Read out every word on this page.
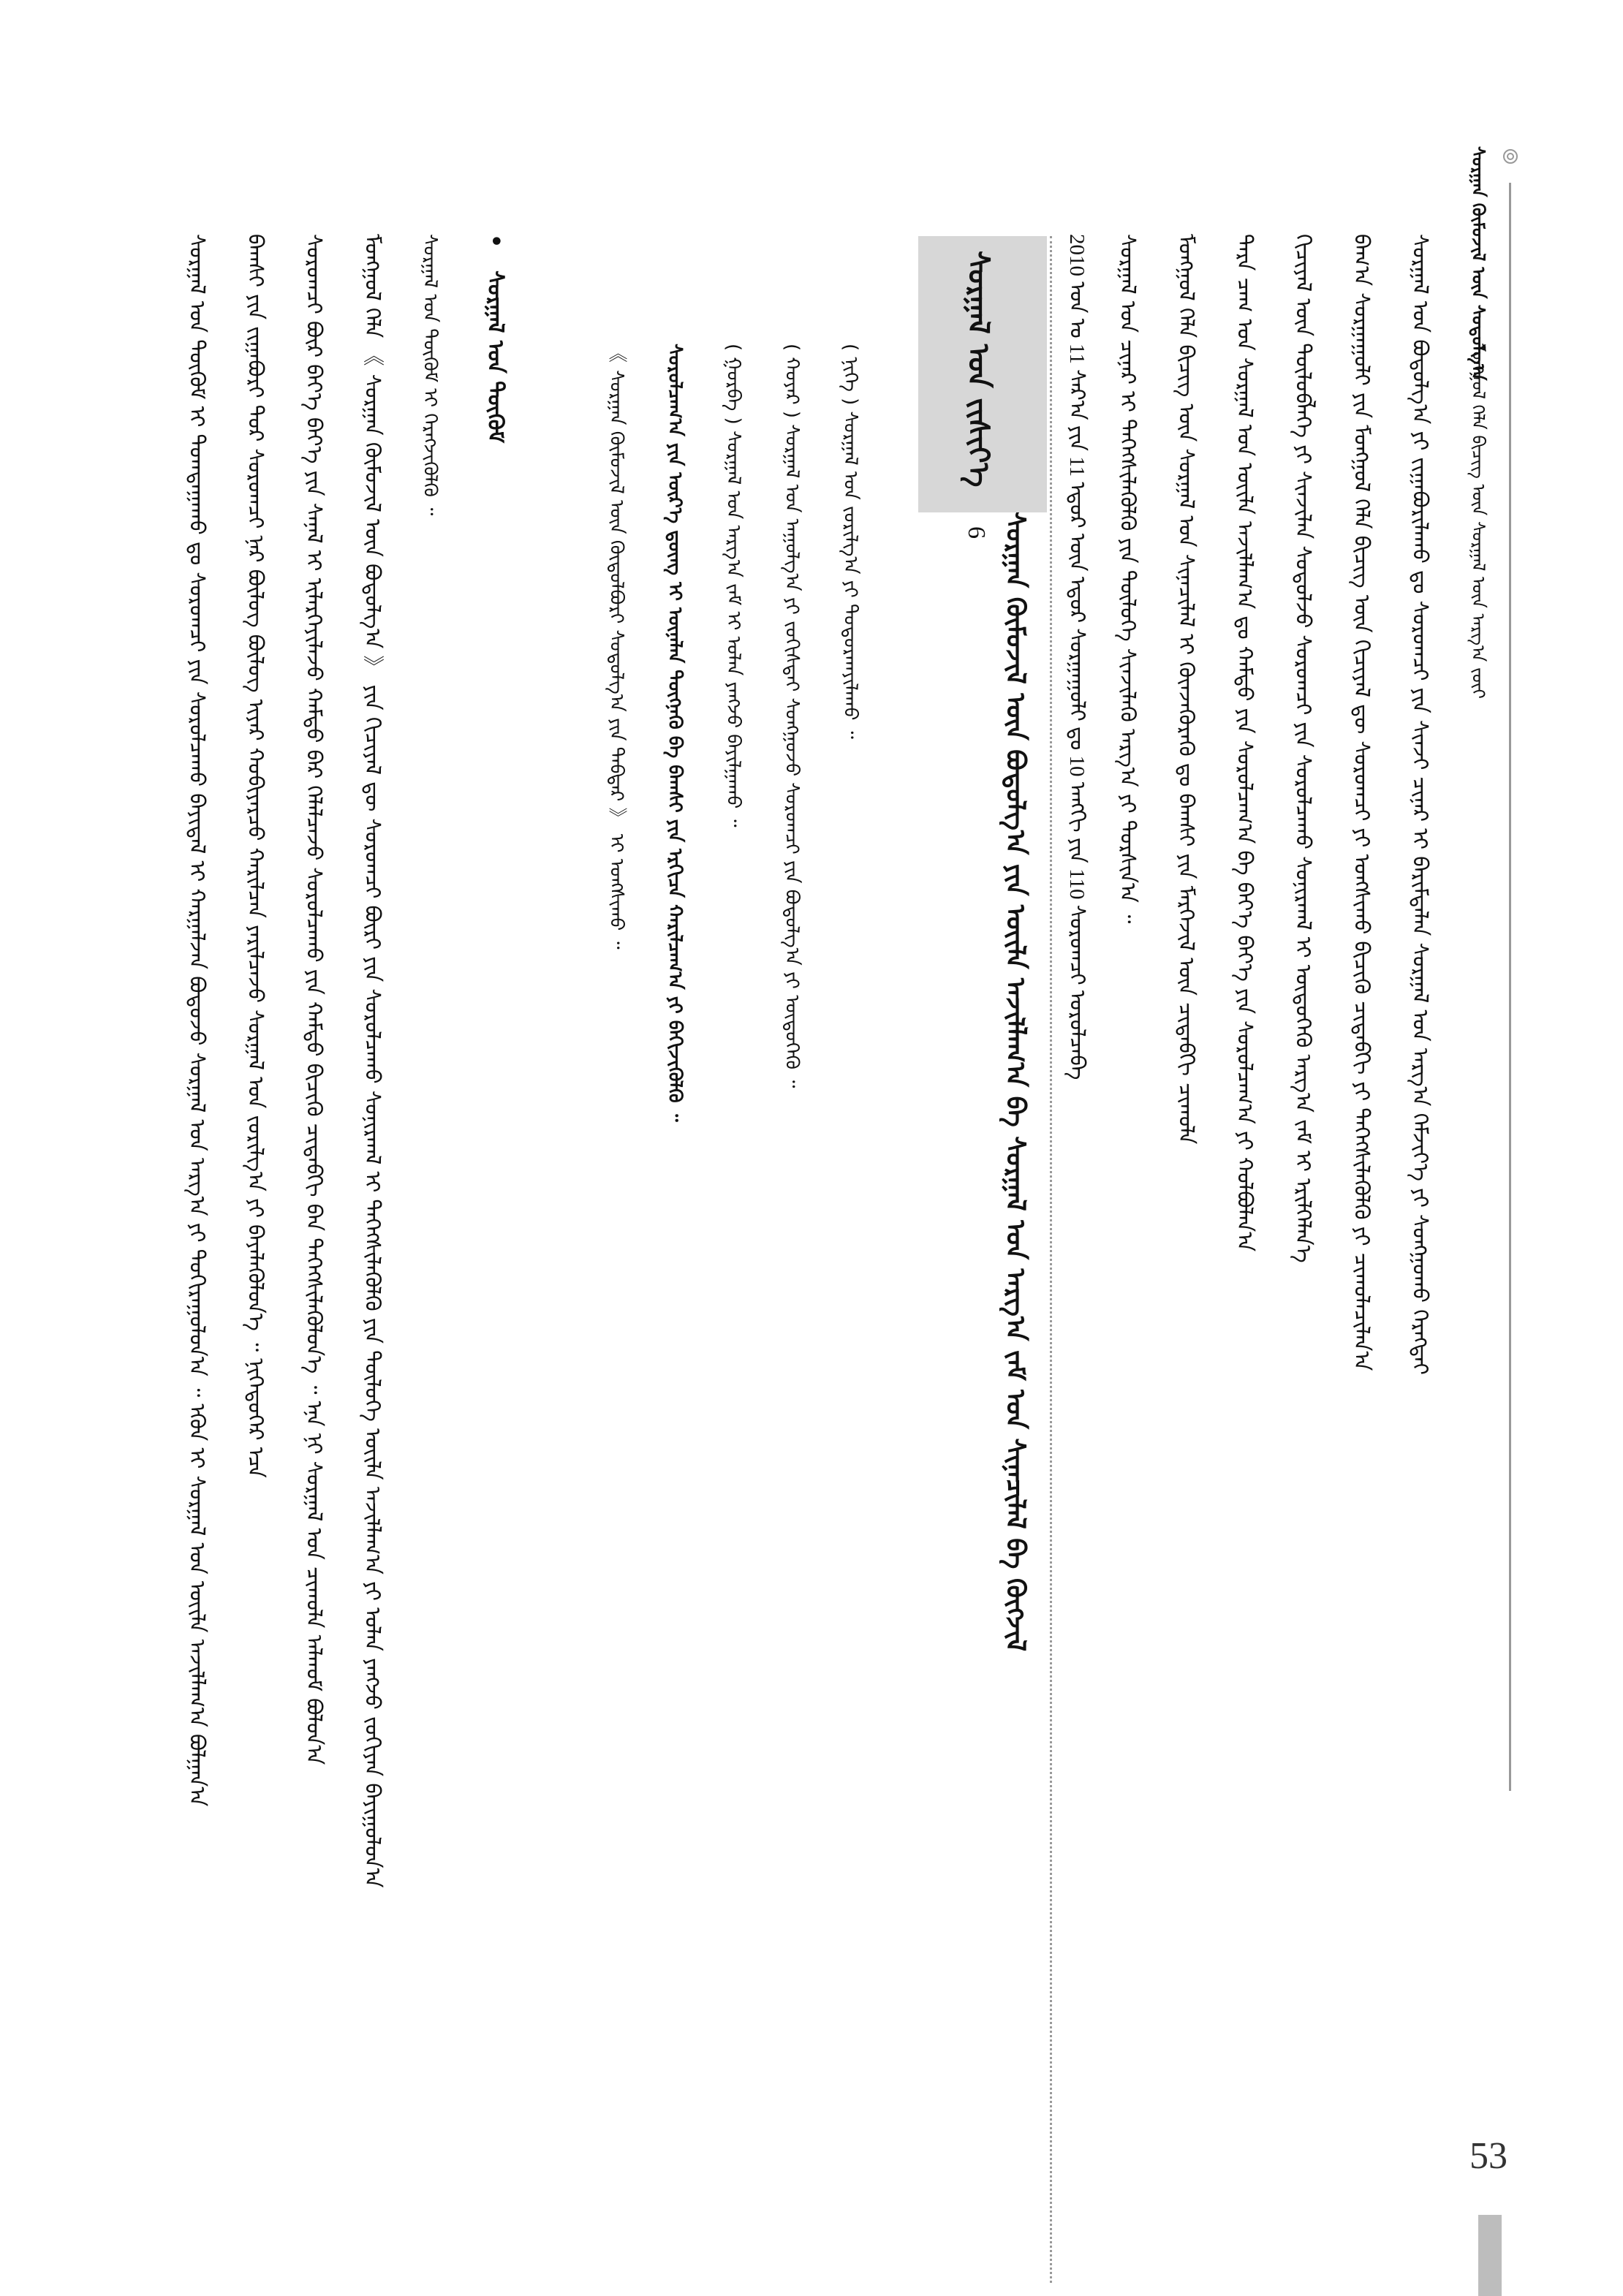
ᠮᠣᠩᠭᠣᠯ ᠬᠡᠯᠡ ᠪᠢᠴᠢᠭ ᠦᠨ ᠰᠤᠷᠭᠠᠯ ᠦᠨ ᠠᠷᠭ᠎ᠠ ᠵᠦᠢ
ᠰᠤᠷᠭᠠᠨ ᠬᠦᠮᠦᠵᠢᠯ ᠦᠨ ᠰᠤᠳᠤᠯᠭ᠎ᠠ
ᠰᠤᠷᠭᠠᠯ ᠤᠨ ᠪᠣᠳᠤᠯᠭ᠎ᠠ ᠶᠢ ᠵᠢᠭᠠᠪᠤᠷᠢᠯᠠᠬᠤ ᠳᠤ ᠰᠤᠷᠤᠭᠴᠢ ᠶᠢᠨ ᠰᠢᠨᠵᠢ ᠴᠢᠨᠠᠷ ᠢ ᠪᠠᠷᠢᠮᠲᠠᠯᠠᠨ ᠰᠤᠷᠭᠠᠯ ᠤᠨ ᠠᠷᠭ᠎ᠠ ᠬᠡᠮᠵᠢᠶ᠎ᠡ ᠶᠢ ᠰᠣᠩᠭᠣᠬᠤ ᠬᠡᠷᠡᠭᠲᠡᠢ
ᠪᠠᠭ᠎ᠠ ᠰᠤᠷᠭᠠᠭᠤᠯᠢ ᠶᠢᠨ ᠮᠣᠩᠭᠣᠯ ᠬᠡᠯᠡ ᠪᠢᠴᠢᠭ ᠦᠨ ᠬᠢᠴᠢᠶᠡᠯ ᠳᠦ ᠰᠤᠷᠤᠭᠴᠢ ᠶᠢ ᠤᠩᠰᠢᠬᠤ ᠪᠢᠴᠢᠬᠦ ᠴᠢᠳᠠᠪᠬᠢ ᠶᠢ ᠳᠡᠭᠡᠭᠰᠢᠯᠡᠭᠦᠯᠬᠦ ᠶᠢ ᠴᠢᠬᠤᠯᠠᠴᠢᠯᠠᠨ᠎ᠠ
ᠬᠢᠴᠢᠶᠡᠯ ᠦᠨ ᠲᠥᠯᠦᠪᠯᠡᠭᠡ ᠶᠢ ᠰᠢᠨᠵᠢᠯᠡᠨ ᠰᠤᠳᠤᠯᠵᠤ ᠰᠤᠷᠤᠭᠴᠢ ᠶᠢᠨ ᠰᠤᠷᠤᠯᠴᠠᠬᠤ ᠰᠣᠨᠢᠷᠬᠠᠯ ᠢ ᠥᠳᠦᠭᠡᠬᠦ ᠠᠷᠭ᠎ᠠ ᠵᠠᠮ ᠢ ᠡᠷᠢᠯᠬᠡᠯᠡᠨ᠎ᠡ
ᠲᠡᠷᠡ ᠴᠠᠭ ᠤᠨ ᠰᠤᠷᠭᠠᠯ ᠤᠨ ᠦᠢᠯᠡ ᠠᠵᠢᠯᠯᠠᠭ᠎ᠠ ᠳᠤ ᠬᠠᠮᠲᠤ ᠶᠢᠨ ᠰᠤᠷᠤᠯᠴᠠᠭ᠎ᠠ ᠪᠠ ᠪᠡᠶ᠎ᠡ ᠪᠡᠶ᠎ᠡ ᠶᠢᠨ ᠰᠤᠷᠤᠯᠴᠠᠭ᠎ᠠ ᠶᠢ ᠬᠣᠯᠪᠣᠯᠠᠨ᠎ᠠ
ᠮᠣᠩᠭᠣᠯ ᠬᠡᠯᠡ ᠪᠢᠴᠢᠭ ᠦᠨ ᠰᠤᠷᠭᠠᠯ ᠤᠨ ᠰᠢᠨᠡᠴᠢᠯᠡᠯ ᠢ ᠭᠦᠨᠵᠡᠭᠦᠷᠡᠬᠦ ᠳᠤ ᠪᠠᠭᠰᠢ ᠶᠢᠨ ᠮᠡᠷᠭᠡᠵᠢᠯ ᠦᠨ ᠴᠢᠳᠠᠪᠬᠢ ᠴᠢᠬᠤᠯᠠ
ᠰᠤᠷᠭᠠᠯ ᠤᠨ ᠴᠢᠨᠠᠷ ᠢ ᠳᠡᠭᠡᠭᠰᠢᠯᠡᠭᠦᠯᠬᠦ ᠶᠢᠨ ᠲᠥᠯᠦᠭᠡ ᠰᠢᠨᠵᠢᠯᠡᠬᠦ ᠠᠷᠭ᠎ᠠ ᠶᠢ ᠲᠤᠷᠰᠢᠨ᠎ᠠ ᠃
2010 ᠣᠨ ᠤ 11 ᠰᠠᠷ᠎ᠠ ᠶᠢᠨ 11 ᠡᠳᠦᠷ ᠦᠨ ᠡᠳᠦᠷ ᠰᠤᠷᠭᠠᠭᠤᠯᠢ ᠳᠤ 10 ᠠᠩᠭᠢ ᠶᠢᠨ 110 ᠰᠤᠷᠤᠭᠴᠢ ᠣᠷᠤᠯᠴᠠᠪᠠ
ᠰᠤᠷᠭᠠᠯ ᠤᠨ ᠵᠢᠱᠢᠶ᠎ᠡ
6 ᠰᠤᠷᠭᠠᠨ ᠬᠦᠮᠦᠵᠢᠯ ᠦᠨ ᠪᠣᠳᠤᠯᠭ᠎ᠠ ᠶᠢᠨ ᠦᠢᠯᠡ ᠠᠵᠢᠯᠯᠠᠭ᠎ᠠ ᠪᠠ ᠰᠤᠷᠭᠠᠯ ᠤᠨ ᠠᠷᠭ᠎ᠠ ᠵᠠᠮ ᠤᠨ ᠰᠢᠨᠡᠴᠢᠯᠡᠯ ᠪᠠ ᠬᠥᠭᠵᠢᠯ
( ᠨᠢᠭᠡ ) ᠰᠤᠷᠭᠠᠯ ᠤᠨ ᠵᠣᠷᠢᠯᠭ᠎ᠠ ᠶᠢ ᠲᠣᠳᠤᠷᠬᠠᠶᠢᠯᠠᠬᠤ ᠃
( ᠬᠣᠶᠠᠷ ) ᠰᠤᠷᠭᠠᠯ ᠤᠨ ᠠᠭᠤᠯᠭ᠎ᠠ ᠶᠢ ᠵᠣᠬᠢᠰᠲᠠᠶ ᠰᠣᠩᠭᠣᠵᠤ ᠰᠤᠷᠤᠭᠴᠢ ᠶᠢᠨ ᠪᠣᠳᠤᠯᠭ᠎ᠠ ᠶᠢ ᠥᠳᠦᠭᠡᠬᠦ ᠃
( ᠭᠤᠷᠪᠠ ) ᠰᠤᠷᠭᠠᠯ ᠤᠨ ᠠᠷᠭ᠎ᠠ ᠵᠠᠮ ᠢ ᠣᠯᠠᠨ ᠶᠠᠩᠵᠤ ᠪᠠᠶᠢᠯᠭᠠᠬᠤ ᠃
ᠰᠤᠷᠤᠯᠴᠠᠭ᠎ᠠ ᠶᠢᠨ ᠦᠷ᠎ᠡ ᠳ᠋ᠦᠩ ᠢ ᠦᠨᠡᠯᠡᠨ ᠳᠦᠭᠨᠡᠬᠦ ᠪᠠ ᠪᠠᠭᠰᠢ ᠶᠢᠨ ᠡᠷᠭᠢᠴᠡ ᠬᠠᠷᠢᠯᠴᠠᠭ᠎ᠠ ᠶᠢ ᠪᠡᠬᠢᠵᠢᠭᠦᠯᠬᠦ ᠃
《 ᠰᠤᠷᠭᠠᠨ ᠬᠦᠮᠦᠵᠢᠯ ᠦᠨ ᠬᠥᠲᠥᠯᠪᠦᠷᠢ ᠰᠤᠳᠤᠯᠭ᠎ᠠ ᠶᠢᠨ ᠳᠡᠪᠲᠡᠷ 》 ᠢ ᠤᠩᠰᠢᠬᠤ ᠃
ᠰᠤᠷᠭᠠᠯ ᠤᠨ ᠳᠥᠬᠥᠮ ᠢ ᠬᠡᠷᠡᠭᠵᠢᠭᠦᠯᠬᠦ ᠃ •
ᠰᠤᠷᠭᠠᠯ ᠤᠨ ᠳᠥᠬᠥᠮ
ᠮᠣᠩᠭᠣᠯ ᠬᠡᠯᠡ 《 ᠰᠤᠷᠭᠠᠨ ᠬᠦᠮᠦᠵᠢᠯ ᠦᠨ ᠪᠣᠳᠤᠯᠭ᠎ᠠ 》 ᠶᠢᠨ ᠬᠢᠴᠢᠶᠡᠯ ᠳᠦ ᠰᠤᠷᠤᠭᠴᠢ ᠪᠦᠷᠢ ᠶᠢᠨ ᠰᠤᠷᠤᠯᠴᠠᠬᠤ ᠰᠣᠨᠢᠷᠬᠠᠯ ᠢ ᠳᠡᠭᠡᠭᠰᠢᠯᠡᠭᠦᠯᠬᠦ ᠶᠢᠨ ᠲᠥᠯᠦᠭᠡ ᠦᠢᠯᠡ ᠠᠵᠢᠯᠯᠠᠭ᠎ᠠ ᠶᠢ ᠣᠯᠠᠨ ᠶᠠᠩᠵᠤ ᠵᠣᠬᠢᠶᠠᠨ ᠪᠠᠶᠢᠭᠤᠯᠤᠨ᠎ᠠ
ᠰᠤᠷᠤᠭᠴᠢ ᠪᠦᠷ ᠪᠡᠶ᠎ᠡ ᠪᠡᠶ᠎ᠡ ᠶᠢᠨ ᠰᠠᠨᠠᠯ ᠢ ᠢᠯᠡᠷᠬᠡᠶᠢᠯᠡᠵᠦ ᠬᠠᠮᠲᠤ ᠪᠠᠷ ᠬᠡᠯᠡᠯᠴᠡᠵᠦ ᠰᠤᠷᠤᠯᠴᠠᠬᠤ ᠶᠢᠨ ᠬᠠᠮᠲᠤ ᠪᠢᠴᠢᠬᠦ ᠴᠢᠳᠠᠪᠬᠢ ᠪᠠᠨ ᠳᠡᠭᠡᠭᠰᠢᠯᠡᠭᠦᠯᠦᠨ᠎ᠡ ᠃ ᠡᠨᠡ ᠨᠢ ᠰᠤᠷᠭᠠᠯ ᠤᠨ ᠴᠢᠬᠤᠯᠠ ᠠᠯᠬᠤᠮ ᠪᠣᠯᠤᠨ᠎ᠠ
ᠪᠠᠭᠰᠢ ᠶᠢᠨ ᠵᠢᠭᠠᠪᠤᠷᠢ ᠳᠤᠷ ᠰᠤᠷᠤᠭᠴᠢ ᠨᠠᠷ ᠪᠦᠯᠦᠭ ᠪᠦᠯᠦᠭ ᠢᠶᠡᠷ ᠬᠤᠪᠢᠶᠠᠷᠴᠤ ᠬᠠᠷᠢᠯᠴᠠᠨ ᠶᠠᠷᠢᠯᠴᠠᠵᠤ ᠰᠤᠷᠭᠠᠯ ᠤᠨ ᠵᠣᠷᠢᠯᠭ᠎ᠠ ᠶᠢ ᠪᠡᠶᠡᠯᠡᠭᠦᠯᠦᠨ᠎ᠡ ᠃ ᠨᠢᠭᠡᠳᠦᠭᠡᠷ ᠡᠴᠡ
ᠰᠤᠷᠭᠠᠯ ᠤᠨ ᠳᠥᠬᠥᠮ ᠢ ᠲᠣᠭᠲᠠᠭᠠᠬᠤ ᠳᠤ ᠰᠤᠷᠤᠭᠴᠢ ᠶᠢᠨ ᠰᠤᠷᠤᠯᠴᠠᠬᠤ ᠪᠠᠶᠢᠳᠠᠯ ᠢ ᠬᠠᠷᠭᠠᠯᠵᠠᠨ ᠪᠣᠳᠤᠵᠤ ᠰᠤᠷᠭᠠᠯ ᠤᠨ ᠠᠷᠭ᠎ᠠ ᠶᠢ ᠲᠣᠬᠢᠷᠠᠭᠤᠯᠤᠨ᠎ᠠ ᠃ ᠡᠭᠦᠨ ᠢ ᠰᠤᠷᠭᠠᠯ ᠤᠨ ᠦᠢᠯᠡ ᠠᠵᠢᠯᠯᠠᠭ᠎ᠠ ᠪᠣᠯᠭᠠᠨ᠎ᠠ
53
